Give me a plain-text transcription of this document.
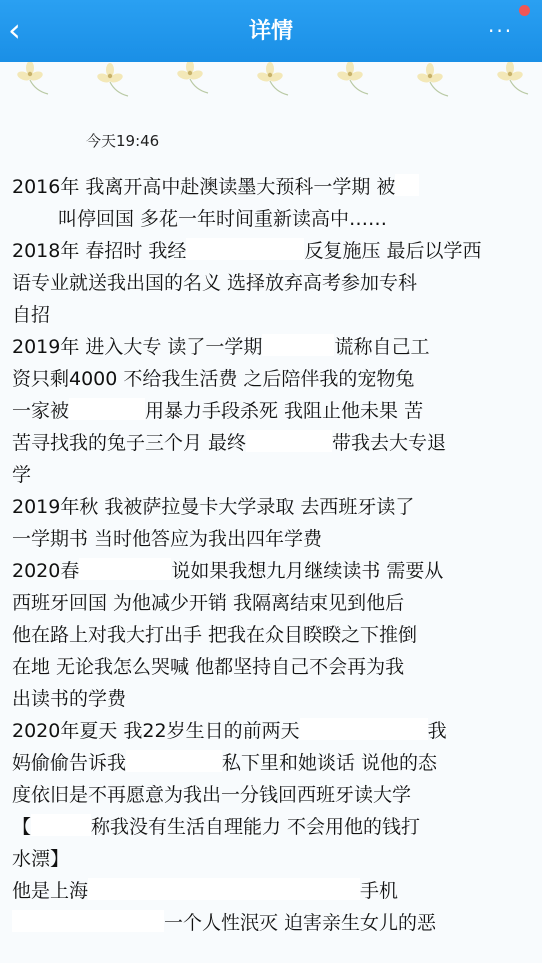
‹	详情	···
今天19:46
2016年 我离开高中赴澳读墨大预科一学期 被
叫停回国 多花一年时间重新读高中……
2018年 春招时 我经	反复施压 最后以学西
语专业就送我出国的名义 选择放弃高考参加专科
自招
2019年 进入大专 读了一学期	谎称自己工
资只剩4000 不给我生活费 之后陪伴我的宠物兔
一家被	用暴力手段杀死 我阻止他未果 苦
苦寻找我的兔子三个月 最终	带我去大专退
学
2019年秋 我被萨拉曼卡大学录取 去西班牙读了
一学期书 当时他答应为我出四年学费
2020春	说如果我想九月继续读书 需要从
西班牙回国 为他减少开销 我隔离结束见到他后
他在路上对我大打出手 把我在众目睽睽之下推倒
在地 无论我怎么哭喊 他都坚持自己不会再为我
出读书的学费
2020年夏天 我22岁生日的前两天	我
妈偷偷告诉我	私下里和她谈话 说他的态
度依旧是不再愿意为我出一分钱回西班牙读大学
【	称我没有生活自理能力 不会用他的钱打
水漂】
他是上海	手机
一个人性泯灭 迫害亲生女儿的恶
